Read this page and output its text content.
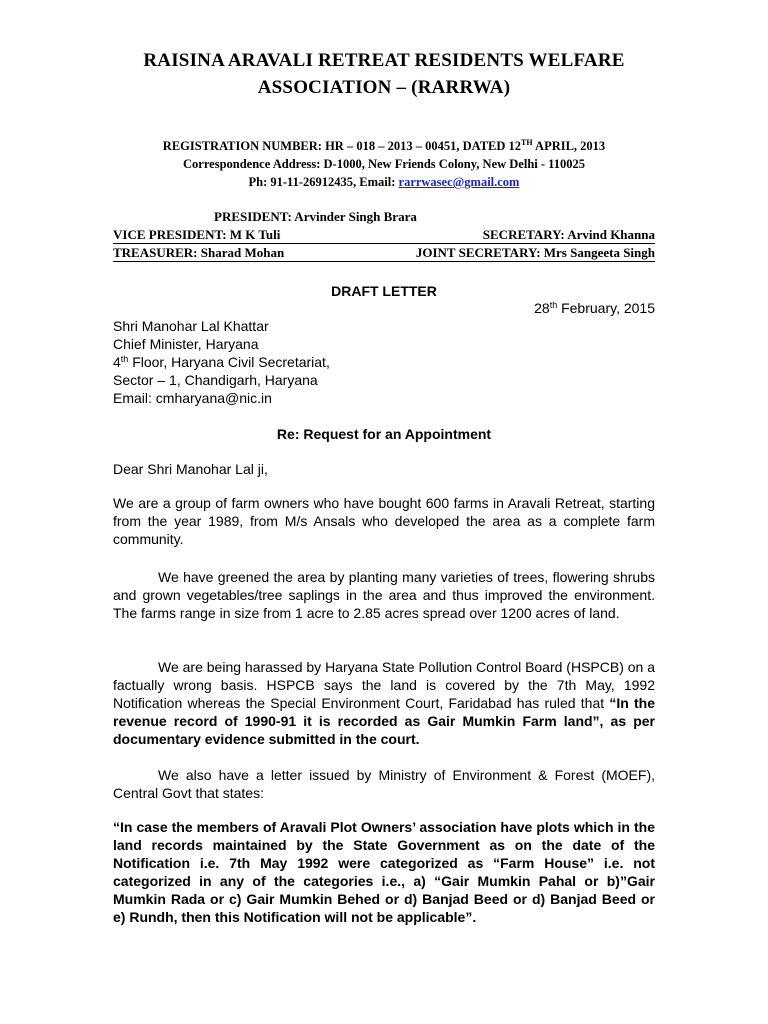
RAISINA ARAVALI RETREAT RESIDENTS WELFARE
ASSOCIATION – (RARRWA)
REGISTRATION NUMBER: HR – 018 – 2013 – 00451, DATED 12TH APRIL, 2013
Correspondence Address: D-1000, New Friends Colony, New Delhi - 110025
Ph: 91-11-26912435, Email: rarrwasec@gmail.com
PRESIDENT: Arvinder Singh Brara
VICE PRESIDENT: M K Tuli	SECRETARY: Arvind Khanna
TREASURER: Sharad Mohan	JOINT SECRETARY: Mrs Sangeeta Singh
DRAFT LETTER
28th February, 2015
Shri Manohar Lal Khattar
Chief Minister, Haryana
4th Floor, Haryana Civil Secretariat,
Sector – 1, Chandigarh, Haryana
Email: cmharyana@nic.in
Re: Request for an Appointment
Dear Shri Manohar Lal ji,
We are a group of farm owners who have bought 600 farms in Aravali Retreat, starting from the year 1989, from M/s Ansals who developed the area as a complete farm community.
We have greened the area by planting many varieties of trees, flowering shrubs and grown vegetables/tree saplings in the area and thus improved the environment. The farms range in size from 1 acre to 2.85 acres spread over 1200 acres of land.
We are being harassed by Haryana State Pollution Control Board (HSPCB) on a factually wrong basis. HSPCB says the land is covered by the 7th May, 1992 Notification whereas the Special Environment Court, Faridabad has ruled that “In the revenue record of 1990-91 it is recorded as Gair Mumkin Farm land”, as per documentary evidence submitted in the court.
We also have a letter issued by Ministry of Environment & Forest (MOEF), Central Govt that states:
“In case the members of Aravali Plot Owners’ association have plots which in the land records maintained by the State Government as on the date of the Notification i.e. 7th May 1992 were categorized as “Farm House” i.e. not categorized in any of the categories i.e., a) “Gair Mumkin Pahal or b)”Gair Mumkin Rada or c) Gair Mumkin Behed or d) Banjad Beed or d) Banjad Beed or e) Rundh, then this Notification will not be applicable”.
